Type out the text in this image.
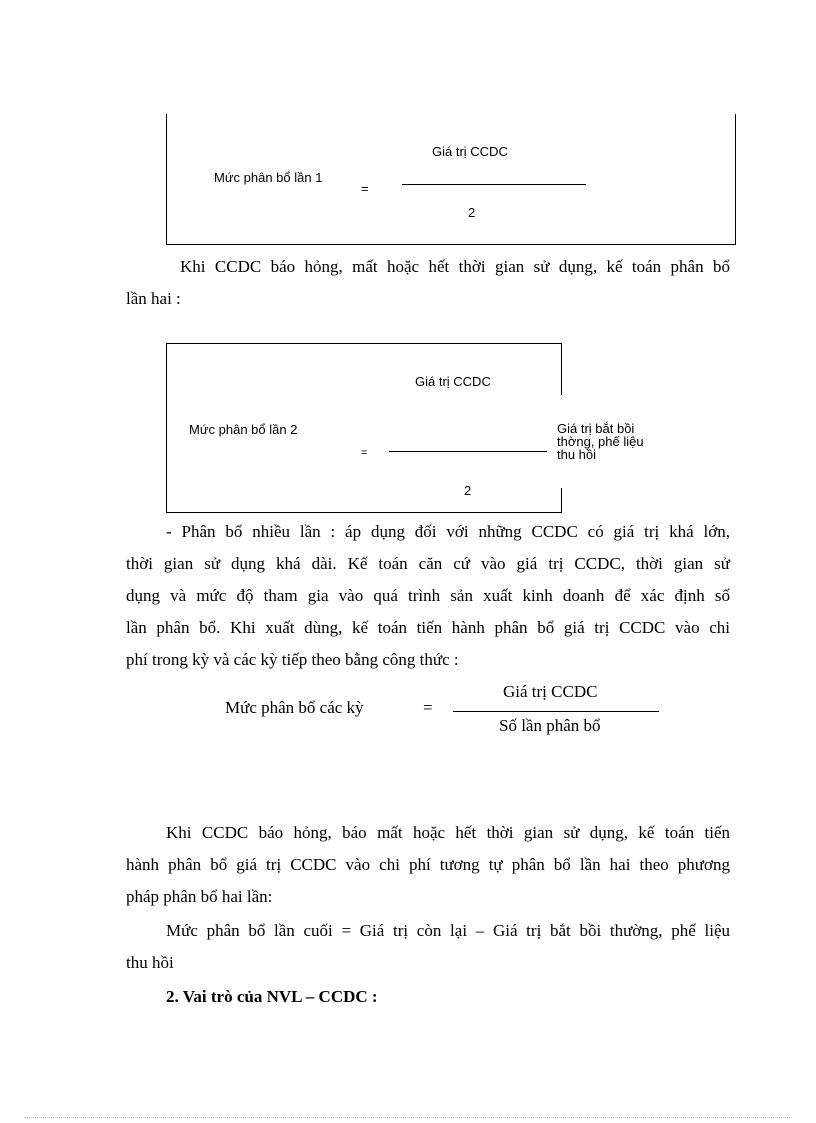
Mức phân bổ lần 1
=
Giá trị CCDC
2
Khi CCDC báo hỏng, mất hoặc hết thời gian sử dụng, kế toán phân bổ
lần hai :
Mức phân bổ lần 2
=
Giá trị CCDC
2
Giá trị bắt bồi
thờng, phế liệu
thu hồi
- Phân bổ nhiều lần : áp dụng đối với những CCDC có giá trị khá lớn,
thời gian sử dụng khá dài. Kế toán căn cứ vào giá trị CCDC, thời gian sử
dụng và mức độ tham gia vào quá trình sản xuất kinh doanh để xác định số
lần phân bổ. Khi xuất dùng, kế toán tiến hành phân bổ giá trị CCDC vào chi
phí trong kỳ và các kỳ tiếp theo bằng công thức :
Mức phân bổ các kỳ	=
Giá trị CCDC
Số lần phân bổ
Khi CCDC báo hỏng, báo mất hoặc hết thời gian sử dụng, kế toán tiến
hành phân bổ giá trị CCDC vào chi phí tương tự phân bổ lần hai theo phương
pháp phân bổ hai lần:
Mức phân bổ lần cuối = Giá trị còn lại – Giá trị bắt bồi thường, phế liệu
thu hồi
2. Vai trò của NVL – CCDC :
